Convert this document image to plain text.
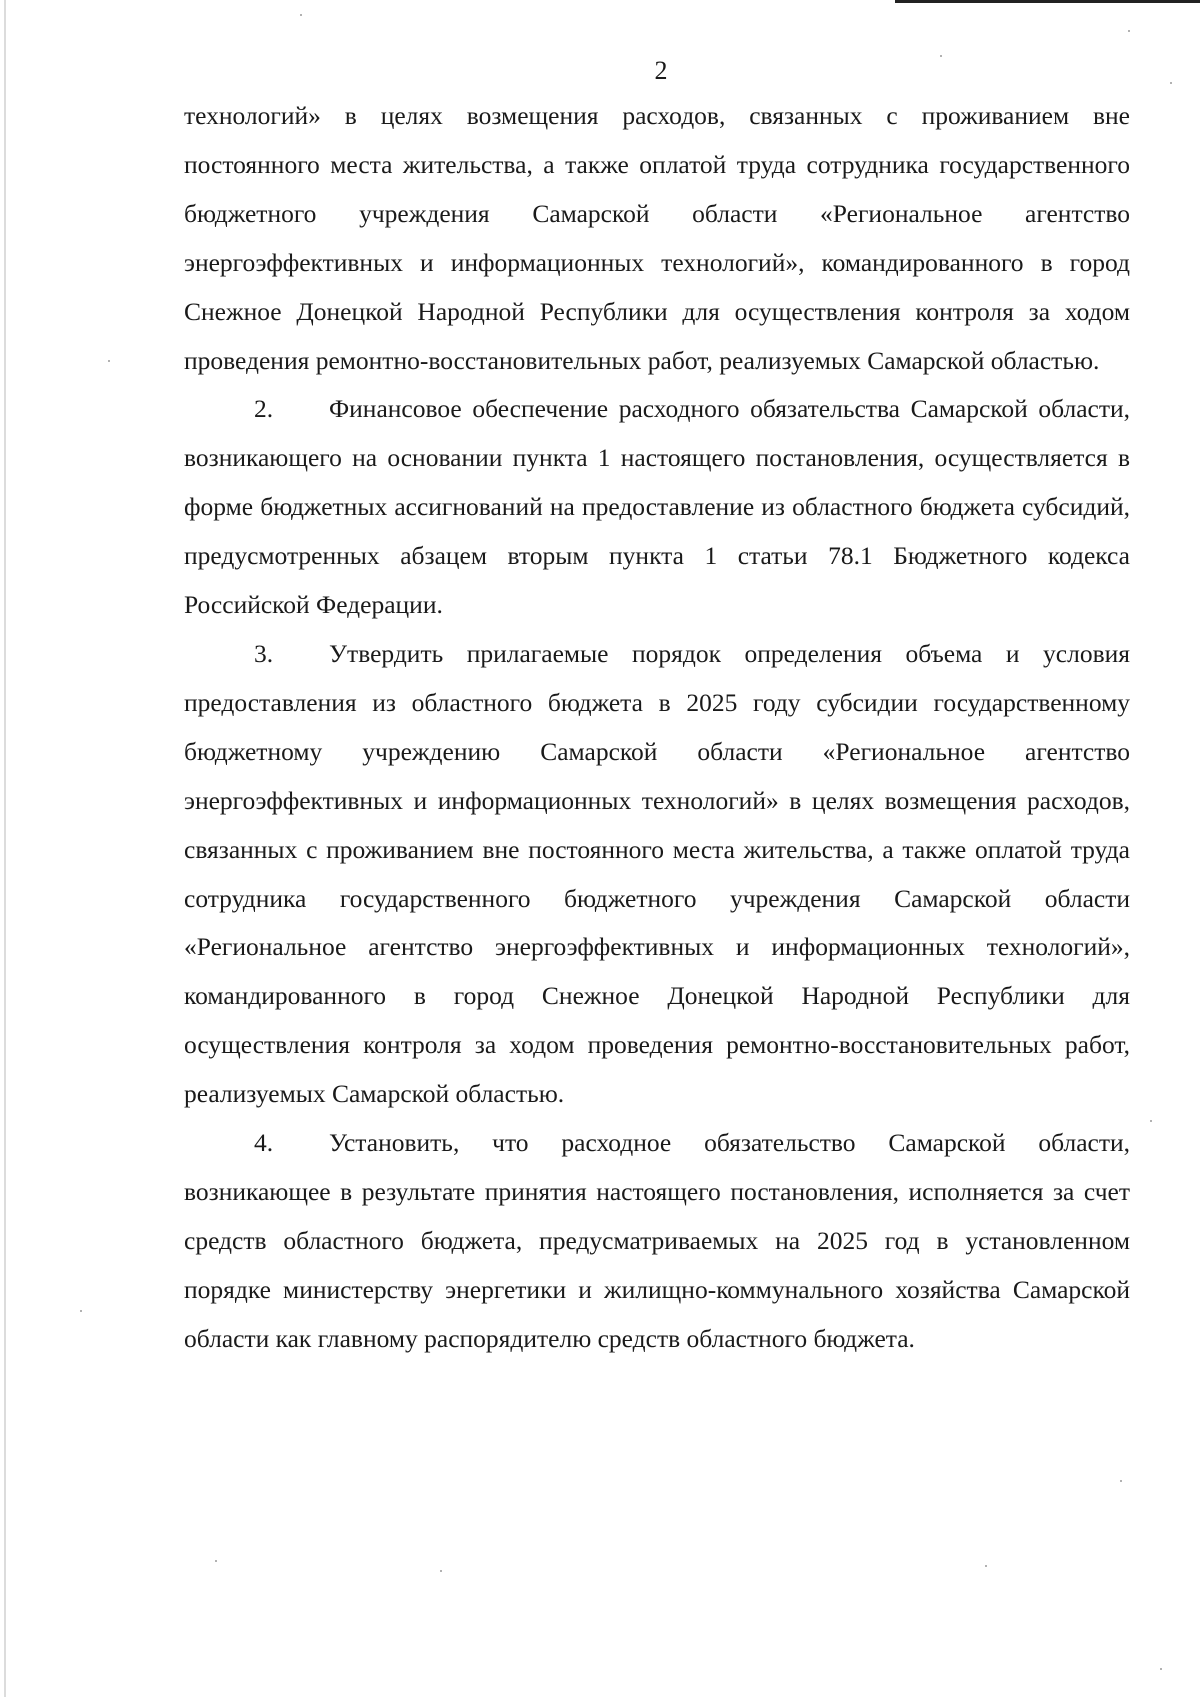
2

технологий» в целях возмещения расходов, связанных с проживанием вне постоянного места жительства, а также оплатой труда сотрудника государственного бюджетного учреждения Самарской области «Региональное агентство энергоэффективных и информационных технологий», командированного в город Снежное Донецкой Народной Республики для осуществления контроля за ходом проведения ремонтно-восстановительных работ, реализуемых Самарской областью.

2. Финансовое обеспечение расходного обязательства Самарской области, возникающего на основании пункта 1 настоящего постановления, осуществляется в форме бюджетных ассигнований на предоставление из областного бюджета субсидий, предусмотренных абзацем вторым пункта 1 статьи 78.1 Бюджетного кодекса Российской Федерации.

3. Утвердить прилагаемые порядок определения объема и условия предоставления из областного бюджета в 2025 году субсидии государственному бюджетному учреждению Самарской области «Региональное агентство энергоэффективных и информационных технологий» в целях возмещения расходов, связанных с проживанием вне постоянного места жительства, а также оплатой труда сотрудника государственного бюджетного учреждения Самарской области «Региональное агентство энергоэффективных и информационных технологий», командированного в город Снежное Донецкой Народной Республики для осуществления контроля за ходом проведения ремонтно-восстановительных работ, реализуемых Самарской областью.

4. Установить, что расходное обязательство Самарской области, возникающее в результате принятия настоящего постановления, исполняется за счет средств областного бюджета, предусматриваемых на 2025 год в установленном порядке министерству энергетики и жилищно-коммунального хозяйства Самарской области как главному распорядителю средств областного бюджета.
